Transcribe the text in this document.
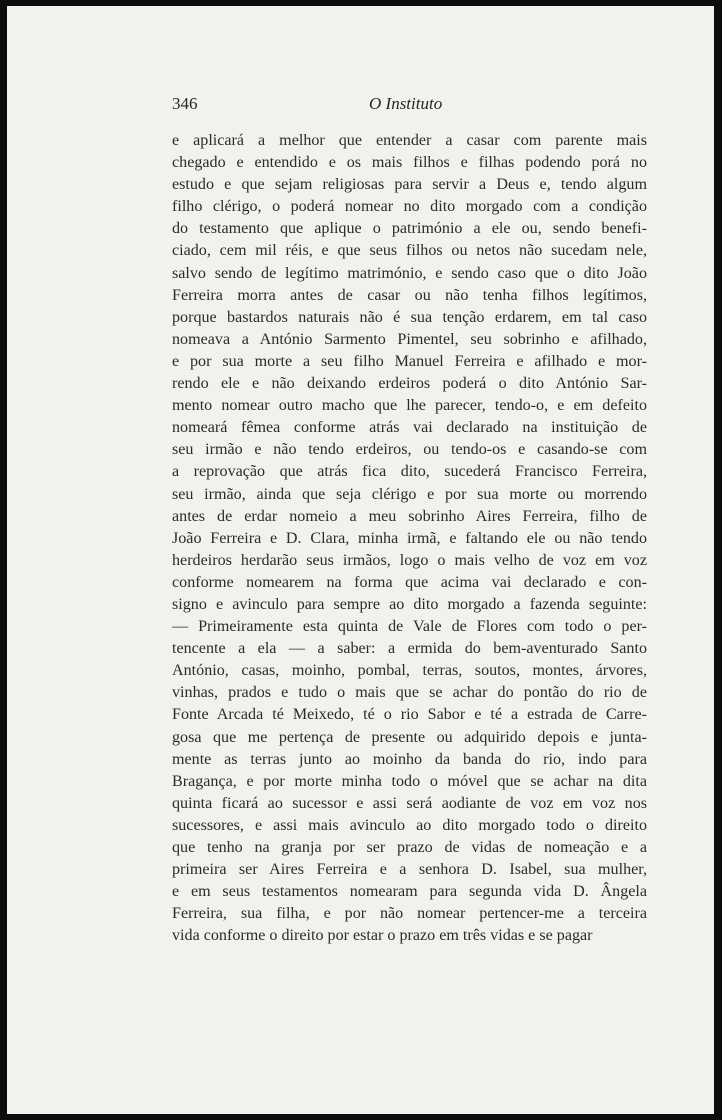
346	O Instituto
e aplicará a melhor que entender a casar com parente mais
chegado e entendido e os mais filhos e filhas podendo porá no
estudo e que sejam religiosas para servir a Deus e, tendo algum
filho clérigo, o poderá nomear no dito morgado com a condição
do testamento que aplique o património a ele ou, sendo benefi-
ciado, cem mil réis, e que seus filhos ou netos não sucedam nele,
salvo sendo de legítimo matrimónio, e sendo caso que o dito João
Ferreira morra antes de casar ou não tenha filhos legítimos,
porque bastardos naturais não é sua tenção erdarem, em tal caso
nomeava a António Sarmento Pimentel, seu sobrinho e afilhado,
e por sua morte a seu filho Manuel Ferreira e afilhado e mor-
rendo ele e não deixando erdeiros poderá o dito António Sar-
mento nomear outro macho que lhe parecer, tendo-o, e em defeito
nomeará fêmea conforme atrás vai declarado na instituição de
seu irmão e não tendo erdeiros, ou tendo-os e casando-se com
a reprovação que atrás fica dito, sucederá Francisco Ferreira,
seu irmão, ainda que seja clérigo e por sua morte ou morrendo
antes de erdar nomeio a meu sobrinho Aires Ferreira, filho de
João Ferreira e D. Clara, minha irmã, e faltando ele ou não tendo
herdeiros herdarão seus irmãos, logo o mais velho de voz em voz
conforme nomearem na forma que acima vai declarado e con-
signo e avinculo para sempre ao dito morgado a fazenda seguinte:
— Primeiramente esta quinta de Vale de Flores com todo o per-
tencente a ela — a saber: a ermida do bem-aventurado Santo
António, casas, moinho, pombal, terras, soutos, montes, árvores,
vinhas, prados e tudo o mais que se achar do pontão do rio de
Fonte Arcada té Meixedo, té o rio Sabor e té a estrada de Carre-
gosa que me pertença de presente ou adquirido depois e junta-
mente as terras junto ao moinho da banda do rio, indo para
Bragança, e por morte minha todo o móvel que se achar na dita
quinta ficará ao sucessor e assi será aodiante de voz em voz nos
sucessores, e assi mais avinculo ao dito morgado todo o direito
que tenho na granja por ser prazo de vidas de nomeação e a
primeira ser Aires Ferreira e a senhora D. Isabel, sua mulher,
e em seus testamentos nomearam para segunda vida D. Ângela
Ferreira, sua filha, e por não nomear pertencer-me a terceira
vida conforme o direito por estar o prazo em três vidas e se pagar
